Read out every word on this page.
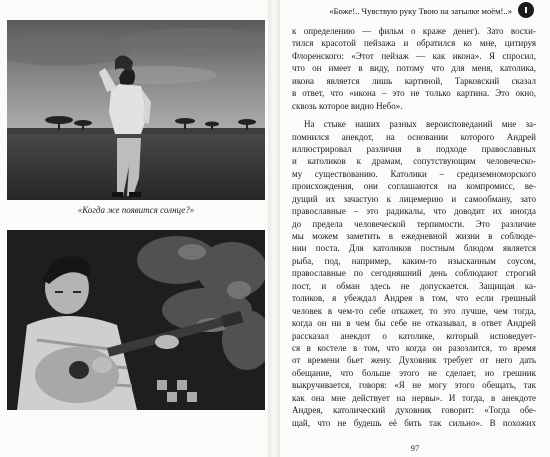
«Когда же появится солнце?»
«Боже!.. Чувствую руку Твою на затылке моём!..»
к определению — фильм о краже денег). Зато восхи-
тился красотой пейзажа и обратился ко мне, цитируя
Флоренского: «Этот пейзаж — как икона». Я спросил,
что он имеет в виду, потому что для меня, католика,
икона является лишь картиной, Тарковский сказал
в ответ, что «икона – это не только картина. Это окно,
сквозь которое видно Небо».
На стыке наших разных вероисповеданий мне за-
помнился анекдот, на основании которого Андрей
иллюстрировал различия в подходе православных
и католиков к драмам, сопутствующим человеческо-
му существованию. Католики – средиземноморского
происхождения, они соглашаются на компромисс, ве-
дущий их зачастую к лицемерию и самообману, зато
православные – это радикалы, что доводит их иногда
до предела человеческой терпимости. Это различие
мы можем заметить в ежедневной жизни в соблюде-
нии поста. Для католиков постным блюдом является
рыба, под, например, каким-то изысканным соусом,
православные по сегодняшний день соблюдают строгий
пост, и обман здесь не допускается. Защищая ка-
толиков, я убеждал Андрея в том, что если грешный
человек в чем-то себе откажет, то это лучше, чем тогда,
когда он ни в чем бы себе не отказывал, в ответ Андрей
рассказал анекдот о католике, который исповедует-
ся в костеле в том, что когда он разозлится, то время
от времени бьет жену. Духовник требует от него дать
обещание, что больше этого не сделает, но грешник
выкручивается, говоря: «Я не могу этого обещать, так
как она мне действует на нервы». И тогда, в анекдоте
Андрея, католический духовник говорит: «Тогда обе-
щай, что не будешь её бить так сильно». В похожих
97
